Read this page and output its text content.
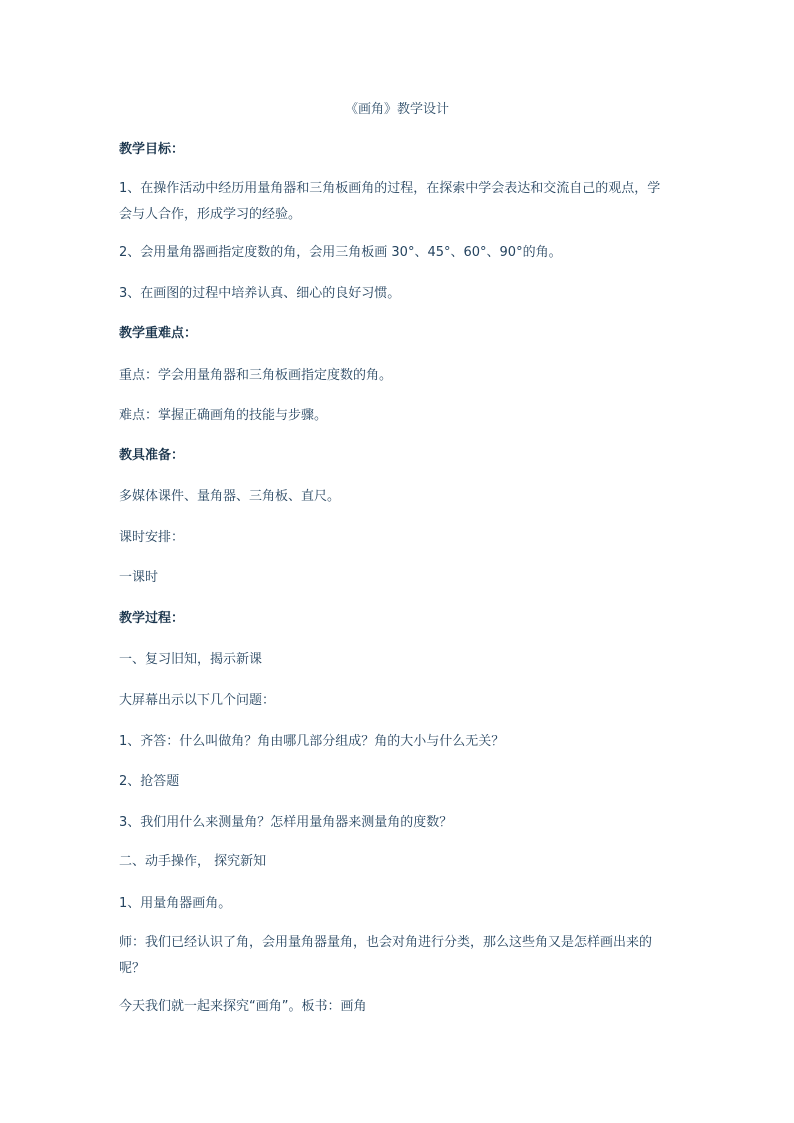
《画角》教学设计
教学目标：
1、在操作活动中经历用量角器和三角板画角的过程，在探索中学会表达和交流自己的观点，学会与人合作，形成学习的经验。
2、会用量角器画指定度数的角，会用三角板画 30°、45°、60°、90°的角。
3、在画图的过程中培养认真、细心的良好习惯。
教学重难点：
重点：学会用量角器和三角板画指定度数的角。
难点：掌握正确画角的技能与步骤。
教具准备：
多媒体课件、量角器、三角板、直尺。
课时安排：
一课时
教学过程：
一、复习旧知，揭示新课
大屏幕出示以下几个问题：
1、齐答：什么叫做角？角由哪几部分组成？角的大小与什么无关？
2、抢答题
3、我们用什么来测量角？怎样用量角器来测量角的度数？
二、动手操作， 探究新知
1、用量角器画角。
师：我们已经认识了角，会用量角器量角，也会对角进行分类，那么这些角又是怎样画出来的呢？
今天我们就一起来探究“画角”。板书：画角
